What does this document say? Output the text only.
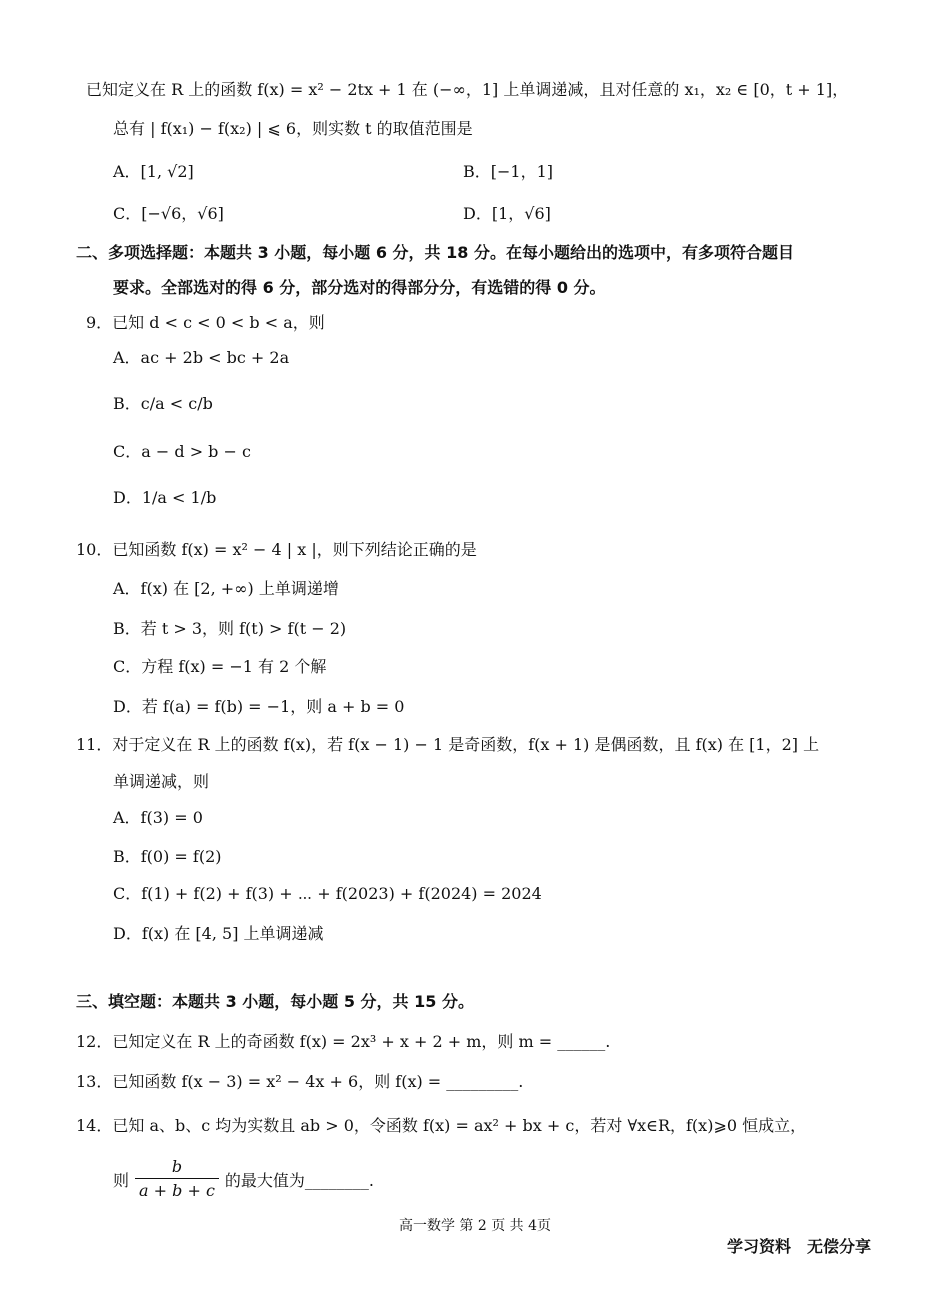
已知定义在 R 上的函数 f(x) = x² − 2tx + 1 在 (−∞，1] 上单调递减，且对任意的 x₁，x₂ ∈ [0，t + 1]，
总有 | f(x₁) − f(x₂) | ⩽ 6，则实数 t 的取值范围是
A．[1, √2]	B．[−1，1]
C．[−√6，√6]	D．[1，√6]
二、多项选择题：本题共 3 小题，每小题 6 分，共 18 分。在每小题给出的选项中，有多项符合题目
要求。全部选对的得 6 分，部分选对的得部分分，有选错的得 0 分。
9．已知 d < c < 0 < b < a，则
A．ac + 2b < bc + 2a
B．c/a < c/b
C．a − d > b − c
D．1/a < 1/b
10．已知函数 f(x) = x² − 4 | x |，则下列结论正确的是
A．f(x) 在 [2, +∞) 上单调递增
B．若 t > 3，则 f(t) > f(t − 2)
C．方程 f(x) = −1 有 2 个解
D．若 f(a) = f(b) = −1，则 a + b = 0
11．对于定义在 R 上的函数 f(x)，若 f(x − 1) − 1 是奇函数，f(x + 1) 是偶函数，且 f(x) 在 [1，2] 上
单调递减，则
A．f(3) = 0
B．f(0) = f(2)
C．f(1) + f(2) + f(3) + ⋯ + f(2023) + f(2024) = 2024
D．f(x) 在 [4, 5] 上单调递减
三、填空题：本题共 3 小题，每小题 5 分，共 15 分。
12．已知定义在 R 上的奇函数 f(x) = 2x³ + x + 2 + m，则 m = ______.
13．已知函数 f(x − 3) = x² − 4x + 6，则 f(x) = _________.
14．已知 a、b、c 均为实数且 ab > 0，令函数 f(x) = ax² + bx + c，若对 ∀x∈R，f(x)⩾0 恒成立，
则 $\frac{b}{a + b + c}$ 的最大值为________.
高一数学 第 2 页 共 4页
学习资料　无偿分享
